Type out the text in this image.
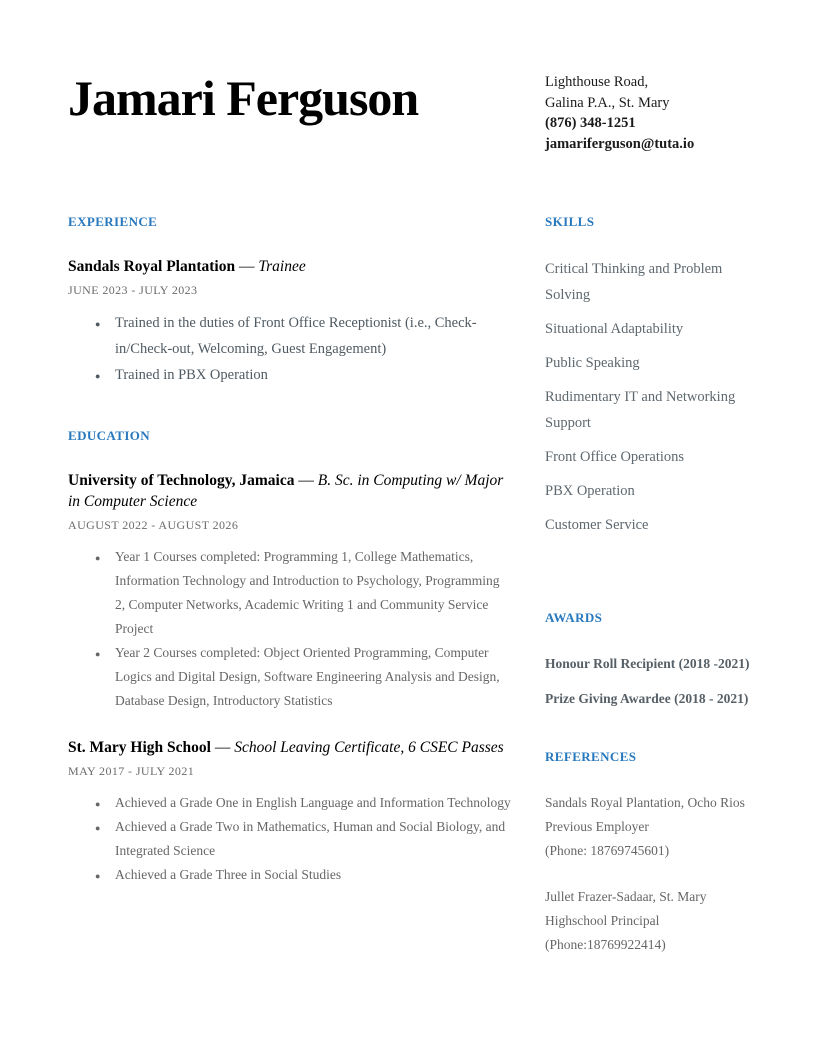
Jamari Ferguson	Lighthouse Road,
Galina P.A., St. Mary
(876) 348-1251
jamariferguson@tuta.io
EXPERIENCE
Sandals Royal Plantation — Trainee
JUNE 2023 - JULY 2023
● Trained in the duties of Front Office Receptionist (i.e., Check-in/Check-out, Welcoming, Guest Engagement)
● Trained in PBX Operation
EDUCATION
University of Technology, Jamaica — B. Sc. in Computing w/ Major in Computer Science
AUGUST 2022 - AUGUST 2026
● Year 1 Courses completed: Programming 1, College Mathematics, Information Technology and Introduction to Psychology, Programming 2, Computer Networks, Academic Writing 1 and Community Service Project
● Year 2 Courses completed: Object Oriented Programming, Computer Logics and Digital Design, Software Engineering Analysis and Design, Database Design, Introductory Statistics
St. Mary High School — School Leaving Certificate, 6 CSEC Passes
MAY 2017 - JULY 2021
● Achieved a Grade One in English Language and Information Technology
● Achieved a Grade Two in Mathematics, Human and Social Biology, and Integrated Science
● Achieved a Grade Three in Social Studies
SKILLS

Critical Thinking and Problem Solving

Situational Adaptability

Public Speaking

Rudimentary IT and Networking Support

Front Office Operations

PBX Operation

Customer Service

AWARDS

Honour Roll Recipient (2018 -2021)

Prize Giving Awardee (2018 - 2021)

REFERENCES
Sandals Royal Plantation, Ocho Rios
Previous Employer
(Phone: 18769745601)
Jullet Frazer-Sadaar, St. Mary
Highschool Principal
(Phone:18769922414)
